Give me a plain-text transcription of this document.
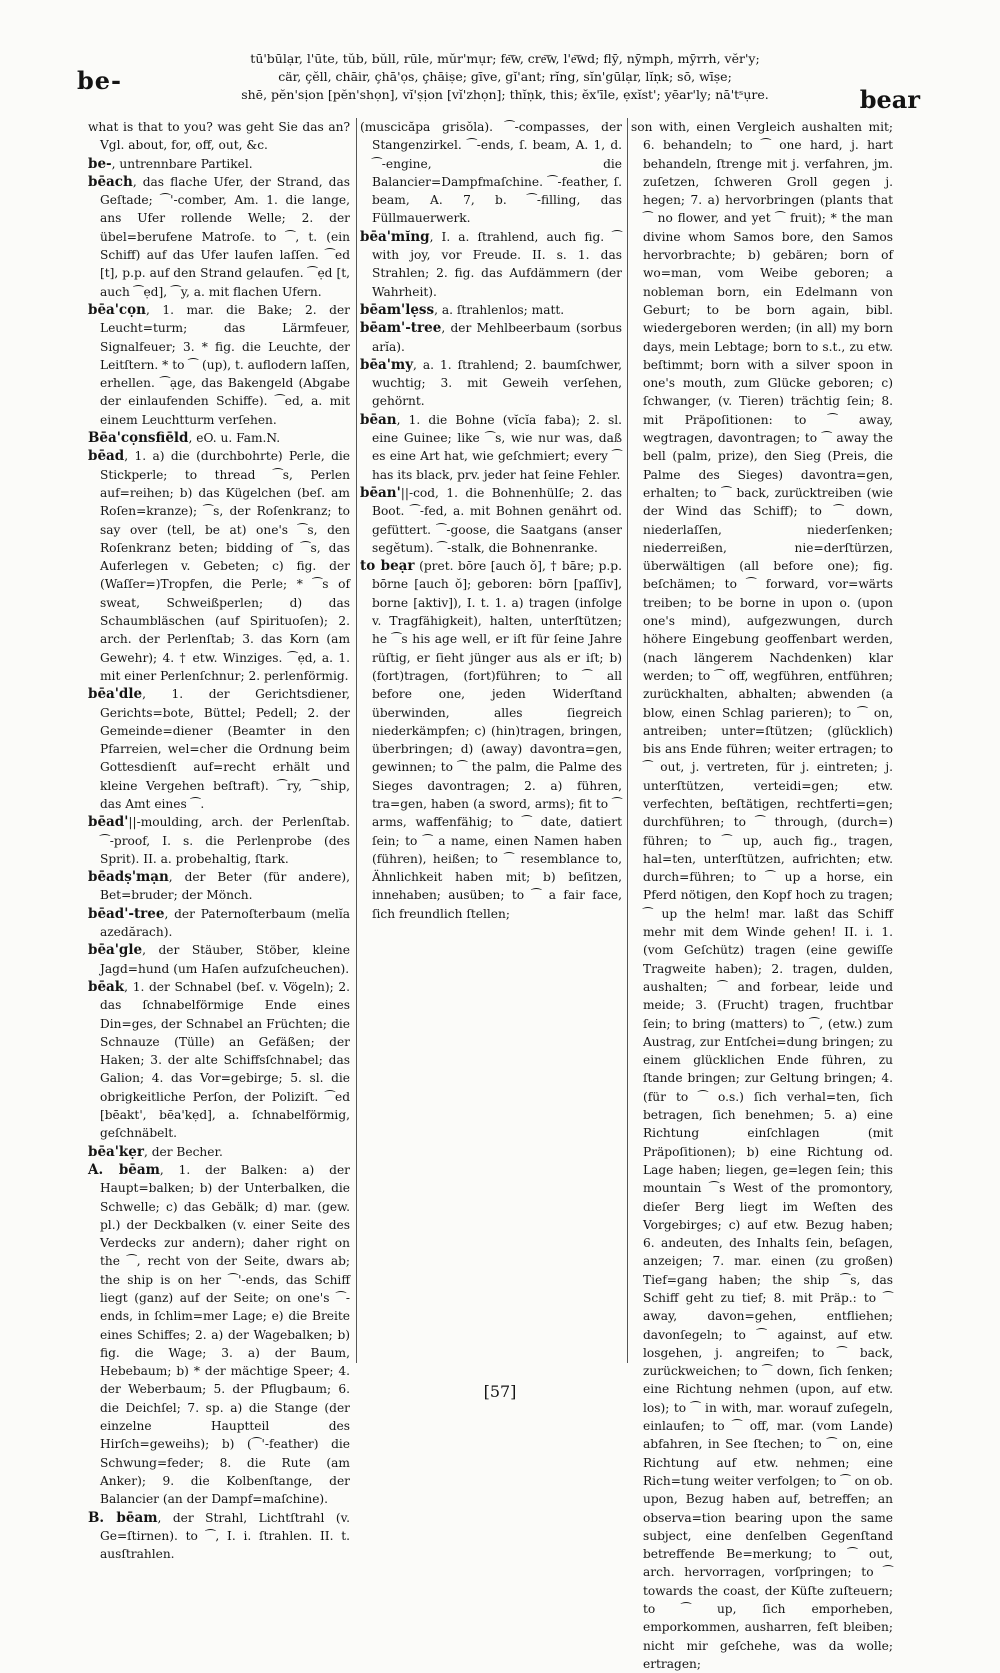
be-
tū'būlạr, l'ūte, tŭb, bŭll, rūle, mŭr'mụr; fe͞w, cre͞w, l'e͞wd; flȳ, nȳmph, mȳrrh, vĕr'y;
cär, çĕll, chāir, çhā'ọs, çhāiṣe; gīve, gĭ'ant; rĭng, sĭn'gūlạr, lĭṇk; sō, wīṣe;
shē, pĕn'sịon [pĕn'shọn], vĭ'ṣịon [vĭ'zhọn]; thĭṇk, this; ĕx'īle, ẹxĭst'; yēar'ly; nā'tˢụre.	bear

what is that to you? was geht Sie das an? Vgl. about, for, off, out, &c.

be-, untrennbare Partikel.

bēach, das flache Ufer, der Strand, das Geſtade; ⁀'-comber, Am. 1. die lange, ans Ufer rollende Welle; 2. der übel=berufene Matroſe. to ⁀, t. (ein Schiff) auf das Ufer laufen laſſen. ⁀ed [t], p.p. auf den Strand gelaufen. ⁀ẹd [t, auch ⁀ẹd], ⁀y, a. mit flachen Ufern.

bēa'cọn, 1. mar. die Bake; 2. der Leucht=turm; das Lärmfeuer, Signalfeuer; 3. * fig. die Leuchte, der Leitſtern. * to ⁀ (up), t. auflodern laſſen, erhellen. ⁀ạge, das Bakengeld (Abgabe der einlaufenden Schiffe). ⁀ed, a. mit einem Leuchtturm verſehen.

Bēa'cọnsfiēld, eO. u. Fam.N.

bēad, 1. a) die (durchbohrte) Perle, die Stickperle; to thread ⁀s, Perlen auf=reihen; b) das Kügelchen (beſ. am Roſen=kranze); ⁀s, der Roſenkranz; to say over (tell, be at) one's ⁀s, den Roſenkranz beten; bidding of ⁀s, das Auferlegen v. Gebeten; c) fig. der (Waſſer=)Tropfen, die Perle; * ⁀s of sweat, Schweißperlen; d) das Schaumbläschen (auf Spirituoſen); 2. arch. der Perlenſtab; 3. das Korn (am Gewehr); 4. † etw. Winziges. ⁀ẹd, a. 1. mit einer Perlenſchnur; 2. perlenförmig.

bēa'dle, 1. der Gerichtsdiener, Gerichts=bote, Büttel; Pedell; 2. der Gemeinde=diener (Beamter in den Pfarreien, wel=cher die Ordnung beim Gottesdienſt auf=recht erhält und kleine Vergehen beſtraft). ⁀ry, ⁀ship, das Amt eines ⁀.

bēad'||-moulding, arch. der Perlenſtab. ⁀-proof, I. s. die Perlenprobe (des Sprit). II. a. probehaltig, ſtark.

bēadṣ'mạn, der Beter (für andere), Bet=bruder; der Mönch.

bēad'-tree, der Paternoſterbaum (melĭa azedărach).

bēa'gle, der Stäuber, Stöber, kleine Jagd=hund (um Haſen aufzuſcheuchen).

bēak, 1. der Schnabel (beſ. v. Vögeln); 2. das ſchnabelförmige Ende eines Din=ges, der Schnabel an Früchten; die Schnauze (Tülle) an Gefäßen; der Haken; 3. der alte Schiffsſchnabel; das Galion; 4. das Vor=gebirge; 5. sl. die obrigkeitliche Perſon, der Poliziſt. ⁀ed [bēakt', bēa'kẹd], a. ſchnabelförmig, geſchnäbelt.

bēa'kẹr, der Becher.

A. bēam, 1. der Balken: a) der Haupt=balken; b) der Unterbalken, die Schwelle; c) das Gebälk; d) mar. (gew. pl.) der Deckbalken (v. einer Seite des Verdecks zur andern); daher right on the ⁀, recht von der Seite, dwars ab; the ship is on her ⁀'-ends, das Schiff liegt (ganz) auf der Seite; on one's ⁀-ends, in ſchlim=mer Lage; e) die Breite eines Schiffes; 2. a) der Wagebalken; b) fig. die Wage; 3. a) der Baum, Hebebaum; b) * der mächtige Speer; 4. der Weberbaum; 5. der Pflugbaum; 6. die Deichſel; 7. sp. a) die Stange (der einzelne Hauptteil des Hirſch=geweihs); b) (⁀'-feather) die Schwung=feder; 8. die Rute (am Anker); 9. die Kolbenſtange, der Balancier (an der Dampf=maſchine).

B. bēam, der Strahl, Lichtſtrahl (v. Ge=ſtirnen). to ⁀, I. i. ſtrahlen. II. t. ausſtrahlen.

(muscicăpa grisŏla). ⁀-compasses, der Stangenzirkel. ⁀-ends, ſ. beam, A. 1, d. ⁀-engine, die Balancier=Dampfmaſchine. ⁀-feather, ſ. beam, A. 7, b. ⁀-filling, das Füllmauerwerk.

bēa'mĭng, I. a. ſtrahlend, auch fig. ⁀ with joy, vor Freude. II. s. 1. das Strahlen; 2. fig. das Aufdämmern (der Wahrheit).

bēam'lẹss, a. ſtrahlenlos; matt.

bēam'-tree, der Mehlbeerbaum (sorbus arĭa).

bēa'my, a. 1. ſtrahlend; 2. baumſchwer, wuchtig; 3. mit Geweih verſehen, gehörnt.

bēan, 1. die Bohne (vĭcĭa faba); 2. sl. eine Guinee; like ⁀s, wie nur was, daß es eine Art hat, wie geſchmiert; every ⁀ has its black, prv. jeder hat ſeine Fehler.

bēan'||-cod, 1. die Bohnenhülſe; 2. das Boot. ⁀-fed, a. mit Bohnen genährt od. gefüttert. ⁀-goose, die Saatgans (anser segĕtum). ⁀-stalk, die Bohnenranke.

to beạr (pret. bōre [auch ŏ], † bāre; p.p. bōrne [auch ŏ]; geboren: bōrn [paſſiv], borne [aktiv]), I. t. 1. a) tragen (infolge v. Tragfähigkeit), halten, unterſtützen; he ⁀s his age well, er iſt für ſeine Jahre rüſtig, er ſieht jünger aus als er iſt; b) (fort)tragen, (fort)führen; to ⁀ all before one, jeden Widerſtand überwinden, alles ſiegreich niederkämpfen; c) (hin)tragen, bringen, überbringen; d) (away) davontra=gen, gewinnen; to ⁀ the palm, die Palme des Sieges davontragen; 2. a) führen, tra=gen, haben (a sword, arms); fit to ⁀ arms, waffenfähig; to ⁀ date, datiert ſein; to ⁀ a name, einen Namen haben (führen), heißen; to ⁀ resemblance to, Ähnlichkeit haben mit; b) beſitzen, innehaben; ausüben; to ⁀ a fair face, ſich freundlich ſtellen;

son with, einen Vergleich aushalten mit; 6. behandeln; to ⁀ one hard, j. hart behandeln, ſtrenge mit j. verfahren, jm. zuſetzen, ſchweren Groll gegen j. hegen; 7. a) hervorbringen (plants that ⁀ no flower, and yet ⁀ fruit); * the man divine whom Samos bore, den Samos hervorbrachte; b) gebären; born of wo=man, vom Weibe geboren; a nobleman born, ein Edelmann von Geburt; to be born again, bibl. wiedergeboren werden; (in all) my born days, mein Lebtage; born to s.t., zu etw. beſtimmt; born with a silver spoon in one's mouth, zum Glücke geboren; c) ſchwanger, (v. Tieren) trächtig ſein; 8. mit Präpoſitionen: to ⁀ away, wegtragen, davontragen; to ⁀ away the bell (palm, prize), den Sieg (Preis, die Palme des Sieges) davontra=gen, erhalten; to ⁀ back, zurücktreiben (wie der Wind das Schiff); to ⁀ down, niederlaſſen, niederſenken; niederreißen, nie=derſtürzen, überwältigen (all before one); fig. beſchämen; to ⁀ forward, vor=wärts treiben; to be borne in upon o. (upon one's mind), aufgezwungen, durch höhere Eingebung geoffenbart werden, (nach längerem Nachdenken) klar werden; to ⁀ off, wegführen, entführen; zurückhalten, abhalten; abwenden (a blow, einen Schlag parieren); to ⁀ on, antreiben; unter=ſtützen; (glücklich) bis ans Ende führen; weiter ertragen; to ⁀ out, j. vertreten, für j. eintreten; j. unterſtützen, verteidi=gen; etw. verfechten, beſtätigen, rechtferti=gen; durchführen; to ⁀ through, (durch=) führen; to ⁀ up, auch fig., tragen, hal=ten, unterſtützen, aufrichten; etw. durch=führen; to ⁀ up a horse, ein Pferd nötigen, den Kopf hoch zu tragen; ⁀ up the helm! mar. laßt das Schiff mehr mit dem Winde gehen! II. i. 1. (vom Geſchütz) tragen (eine gewiſſe Tragweite haben); 2. tragen, dulden, aushalten; ⁀ and forbear, leide und meide; 3. (Frucht) tragen, fruchtbar ſein; to bring (matters) to ⁀, (etw.) zum Austrag, zur Entſchei=dung bringen; zu einem glücklichen Ende führen, zu ſtande bringen; zur Geltung bringen; 4. (für to ⁀ o.s.) ſich verhal=ten, ſich betragen, ſich benehmen; 5. a) eine Richtung einſchlagen (mit Präpoſitionen); b) eine Richtung od. Lage haben; liegen, ge=legen ſein; this mountain ⁀s West of the promontory, dieſer Berg liegt im Weſten des Vorgebirges; c) auf etw. Bezug haben; 6. andeuten, des Inhalts ſein, beſagen, anzeigen; 7. mar. einen (zu großen) Tief=gang haben; the ship ⁀s, das Schiff geht zu tief; 8. mit Präp.: to ⁀ away, davon=gehen, entfliehen; davonſegeln; to ⁀ against, auf etw. losgehen, j. angreifen; to ⁀ back, zurückweichen; to ⁀ down, ſich ſenken; eine Richtung nehmen (upon, auf etw. los); to ⁀ in with, mar. worauf zuſegeln, einlaufen; to ⁀ off, mar. (vom Lande) abfahren, in See ſtechen; to ⁀ on, eine Richtung auf etw. nehmen; eine Rich=tung weiter verfolgen; to ⁀ on ob. upon, Bezug haben auf, betreffen; an observa=tion bearing upon the same subject, eine denſelben Gegenſtand betreffende Be=merkung; to ⁀ out, arch. hervorragen, vorſpringen; to ⁀ towards the coast, der Küſte zuſteuern; to ⁀ up, ſich emporheben, emporkommen, ausharren, feſt bleiben; nicht mir geſchehe, was da wolle; ertragen;

[57]
